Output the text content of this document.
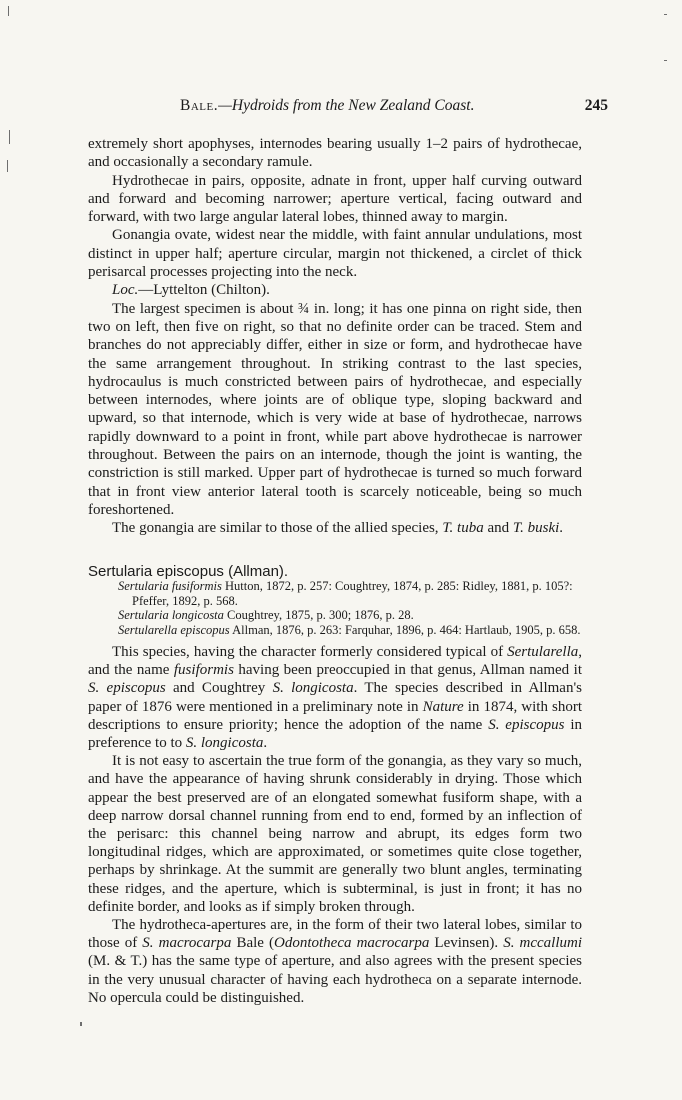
Bale.—Hydroids from the New Zealand Coast.	245

extremely short apophyses, internodes bearing usually 1–2 pairs of hydrothecae, and occasionally a secondary ramule.

Hydrothecae in pairs, opposite, adnate in front, upper half curving outward and forward and becoming narrower; aperture vertical, facing outward and forward, with two large angular lateral lobes, thinned away to margin.

Gonangia ovate, widest near the middle, with faint annular undulations, most distinct in upper half; aperture circular, margin not thickened, a circlet of thick perisarcal processes projecting into the neck.

Loc.—Lyttelton (Chilton).

The largest specimen is about ¾ in. long; it has one pinna on right side, then two on left, then five on right, so that no definite order can be traced. Stem and branches do not appreciably differ, either in size or form, and hydrothecae have the same arrangement throughout. In striking contrast to the last species, hydrocaulus is much constricted between pairs of hydrothecae, and especially between internodes, where joints are of oblique type, sloping backward and upward, so that internode, which is very wide at base of hydrothecae, narrows rapidly downward to a point in front, while part above hydrothecae is narrower throughout. Between the pairs on an internode, though the joint is wanting, the constriction is still marked. Upper part of hydrothecae is turned so much forward that in front view anterior lateral tooth is scarcely noticeable, being so much foreshortened.

The gonangia are similar to those of the allied species, T. tuba and T. buski.

Sertularia episcopus (Allman).

Sertularia fusiformis Hutton, 1872, p. 257: Coughtrey, 1874, p. 285: Ridley, 1881, p. 105?: Pfeffer, 1892, p. 568.

Sertularia longicosta Coughtrey, 1875, p. 300; 1876, p. 28.

Sertularella episcopus Allman, 1876, p. 263: Farquhar, 1896, p. 464: Hartlaub, 1905, p. 658.

This species, having the character formerly considered typical of Sertularella, and the name fusiformis having been preoccupied in that genus, Allman named it S. episcopus and Coughtrey S. longicosta. The species described in Allman's paper of 1876 were mentioned in a preliminary note in Nature in 1874, with short descriptions to ensure priority; hence the adoption of the name S. episcopus in preference to to S. longicosta.

It is not easy to ascertain the true form of the gonangia, as they vary so much, and have the appearance of having shrunk considerably in drying. Those which appear the best preserved are of an elongated somewhat fusiform shape, with a deep narrow dorsal channel running from end to end, formed by an inflection of the perisarc: this channel being narrow and abrupt, its edges form two longitudinal ridges, which are approximated, or sometimes quite close together, perhaps by shrinkage. At the summit are generally two blunt angles, terminating these ridges, and the aperture, which is subterminal, is just in front; it has no definite border, and looks as if simply broken through.

The hydrotheca-apertures are, in the form of their two lateral lobes, similar to those of S. macrocarpa Bale (Odontotheca macrocarpa Levinsen). S. mccallumi (M. & T.) has the same type of aperture, and also agrees with the present species in the very unusual character of having each hydrotheca on a separate internode. No opercula could be distinguished.
